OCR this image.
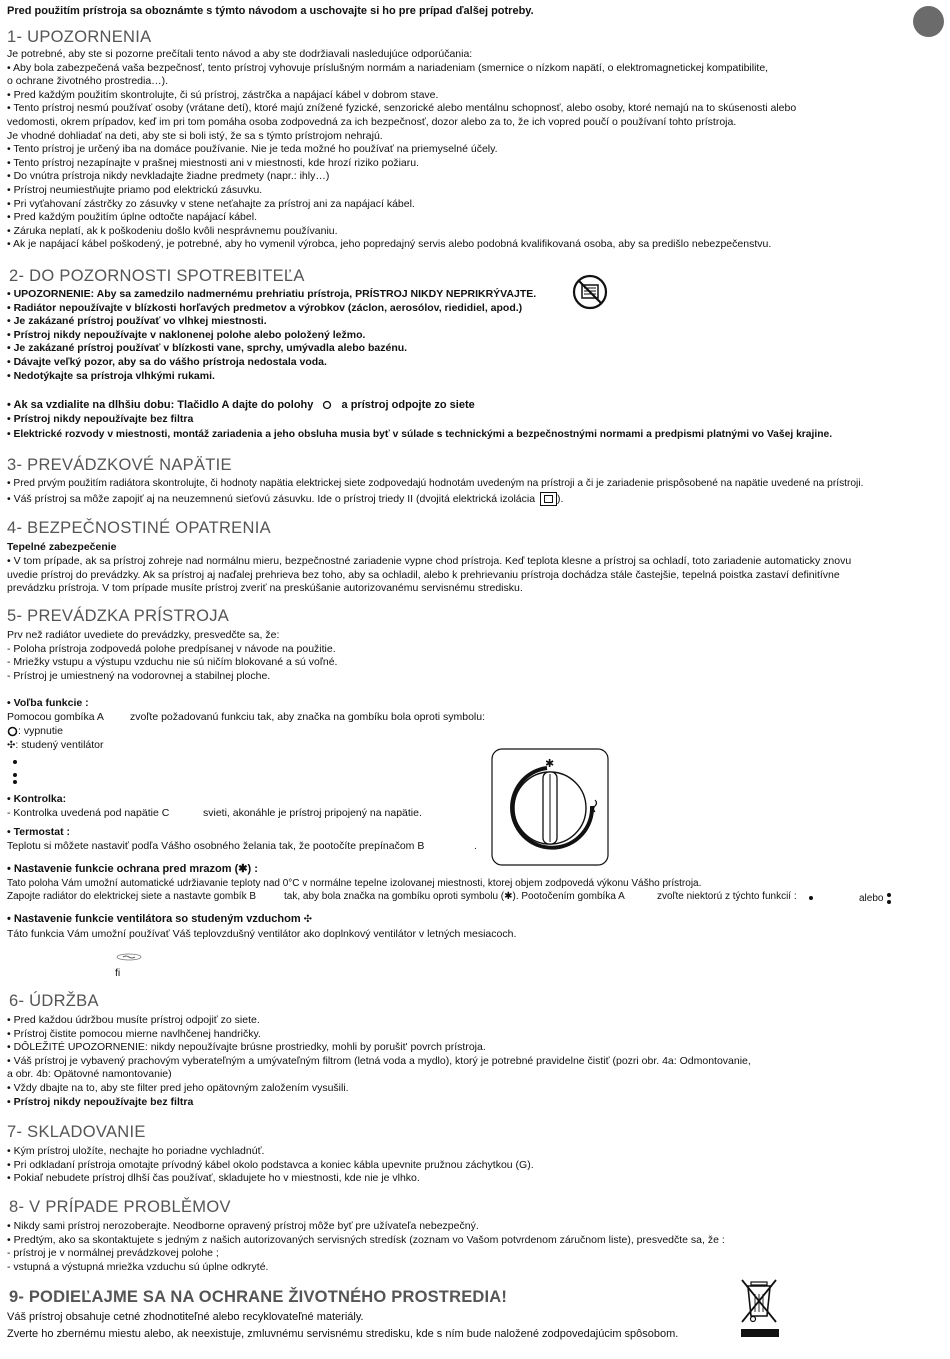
Pred použitím prístroja sa oboznámte s týmto návodom a uschovajte si ho pre prípad ďalšej potreby.
1- UPOZORNENIA
Je potrebné, aby ste si pozorne prečítali tento návod a aby ste dodržiavali nasledujúce odporúčania:
• Aby bola zabezpečená vaša bezpečnosť, tento prístroj vyhovuje príslušným normám a nariadeniam (smernice o nízkom napätí, o elektromagnetickej kompatibilite,
o ochrane životného prostredia…).
• Pred každým použitím skontrolujte, či sú prístroj, zástrčka a napájací kábel v dobrom stave.
• Tento prístroj nesmú používať osoby (vrátane detí), ktoré majú znížené fyzické, senzorické alebo mentálnu schopnosť, alebo osoby, ktoré nemajú na to skúsenosti alebo
vedomosti, okrem prípadov, keď im pri tom pomáha osoba zodpovedná za ich bezpečnosť, dozor alebo za to, že ich vopred poučí o používaní tohto prístroja.
Je vhodné dohliadať na deti, aby ste si boli istý, že sa s týmto prístrojom nehrajú.
• Tento prístroj je určený iba na domáce používanie. Nie je teda možné ho používať na priemyselné účely.
• Tento prístroj nezapínajte v prašnej miestnosti ani v miestnosti, kde hrozí riziko požiaru.
• Do vnútra prístroja nikdy nevkladajte žiadne predmety (napr.: ihly…)
• Prístroj neumiestňujte priamo pod elektrickú zásuvku.
• Pri vyťahovaní zástrčky zo zásuvky v stene neťahajte za prístroj ani za napájací kábel.
• Pred každým použitím úplne odtočte napájací kábel.
• Záruka neplatí, ak k poškodeniu došlo kvôli nesprávnemu používaniu.
• Ak je napájací kábel poškodený, je potrebné, aby ho vymenil výrobca, jeho popredajný servis alebo podobná kvalifikovaná osoba, aby sa predišlo nebezpečenstvu.
2- DO POZORNOSTI SPOTREBITEĽA
• UPOZORNENIE: Aby sa zamedzilo nadmernému prehriatiu prístroja, PRÍSTROJ NIKDY NEPRIKRÝVAJTE.
• Radiátor nepoužívajte v blízkosti horľavých predmetov a výrobkov (záclon, aerosólov, riedidiel, apod.)
• Je zakázané prístroj používať vo vlhkej miestnosti.
• Prístroj nikdy nepoužívajte v naklonenej polohe alebo položený ležmo.
• Je zakázané prístroj používať v blízkosti vane, sprchy, umývadla alebo bazénu.
• Dávajte veľký pozor, aby sa do vášho prístroja nedostala voda.
• Nedotýkajte sa prístroja vlhkými rukami.
• Ak sa vzdialite na dlhšiu dobu: Tlačidlo A dajte do polohy	a prístroj odpojte zo siete
• Prístroj nikdy nepoužívajte bez filtra
• Elektrické rozvody v miestnosti, montáž zariadenia a jeho obsluha musia byť v súlade s technickými a bezpečnostnými normami a predpismi platnými vo Vašej krajine.
3- PREVÁDZKOVÉ NAPÄTIE
• Pred prvým použitím radiátora skontrolujte, či hodnoty napätia elektrickej siete zodpovedajú hodnotám uvedeným na prístroji a či je zariadenie prispôsobené na napätie uvedené na prístroji.
• Váš prístroj sa môže zapojiť aj na neuzemnenú sieťovú zásuvku. Ide o prístroj triedy II (dvojitá elektrická izolácia ).
4- BEZPEČNOSTINÉ OPATRENIA
Tepelné zabezpečenie
• V tom prípade, ak sa prístroj zohreje nad normálnu mieru, bezpečnostné zariadenie vypne chod prístroja. Keď teplota klesne a prístroj sa ochladí, toto zariadenie automaticky znovu
uvedie prístroj do prevádzky. Ak sa prístroj aj naďalej prehrieva bez toho, aby sa ochladil, alebo k prehrievaniu prístroja dochádza stále častejšie, tepelná poistka zastaví definitívne
prevádzku prístroja. V tom prípade musíte prístroj zveriť na preskúšanie autorizovanému servisnému stredisku.
5- PREVÁDZKA PRÍSTROJA
Prv než radiátor uvediete do prevádzky, presvedčte sa, že:
- Poloha prístroja zodpovedá polohe predpísanej v návode na použitie.
- Mriežky vstupu a výstupu vzduchu nie sú ničím blokované a sú voľné.
- Prístroj je umiestnený na vodorovnej a stabilnej ploche.
• Voľba funkcie :
Pomocou gombíka A zvoľte požadovanú funkciu tak, aby značka na gombíku bola oproti symbolu:
: vypnutie
✣: studený ventilátor
• Kontrolka:
- Kontrolka uvedená pod napätie C	svieti, akonáhle je prístroj pripojený na napätie.
• Termostat :
Teplotu si môžete nastaviť podľa Vášho osobného želania tak, že pootočíte prepínačom B	.
✱
• Nastavenie funkcie ochrana pred mrazom (✱) :
Tato poloha Vám umožní automatické udržiavanie teploty nad 0°C v normálne tepelne izolovanej miestnosti, ktorej objem zodpovedá výkonu Vášho prístroja.
Zapojte radiátor do elektrickej siete a nastavte gombík B	tak, aby bola značka na gombíku oproti symbolu (✱). Pootočením gombíka A	zvoľte niektorú z týchto funkcií :	alebo
• Nastavenie funkcie ventilátora so studeným vzduchom ✣
Táto funkcia Vám umožní používať Váš teplovzdušný ventilátor ako doplnkový ventilátor v letných mesiacoch.
fi
6- ÚDRŽBA
• Pred každou údržbou musíte prístroj odpojiť zo siete.
• Prístroj čistite pomocou mierne navlhčenej handričky.
• DÔLEŽITÉ UPOZORNENIE: nikdy nepoužívajte brúsne prostriedky, mohli by porušit' povrch prístroja.
• Váš prístroj je vybavený prachovým vyberateľným a umývateľným filtrom (letná voda a mydlo), ktorý je potrebné pravidelne čistiť (pozri obr. 4a: Odmontovanie,
a obr. 4b: Opätovné namontovanie)
• Vždy dbajte na to, aby ste filter pred jeho opätovným založením vysušili.
• Prístroj nikdy nepoužívajte bez filtra
7- SKLADOVANIE
• Kým prístroj uložíte, nechajte ho poriadne vychladnúť.
• Pri odkladaní prístroja omotajte prívodný kábel okolo podstavca a koniec kábla upevnite pružnou záchytkou (G).
• Pokiaľ nebudete prístroj dlhší čas používať, skladujete ho v miestnosti, kde nie je vlhko.
8- V PRÍPADE PROBLĚMOV
• Nikdy sami prístroj nerozoberajte. Neodborne opravený prístroj môže byť pre užívateľa nebezpečný.
• Predtým, ako sa skontaktujete s jedným z našich autorizovaných servisných stredísk (zoznam vo Vašom potvrdenom záručnom liste), presvedčte sa, že :
- prístroj je v normálnej prevádzkovej polohe ;
- vstupná a výstupná mriežka vzduchu sú úplne odkryté.
9- PODIEĽAJME SA NA OCHRANE ŽIVOTNÉHO PROSTREDIA!
Váš prístroj obsahuje cetné zhodnotiteľné alebo recyklovateľné materiály.
Zverte ho zbernému miestu alebo, ak neexistuje, zmluvnému servisnému stredisku, kde s ním bude naložené zodpovedajúcim spôsobom.
